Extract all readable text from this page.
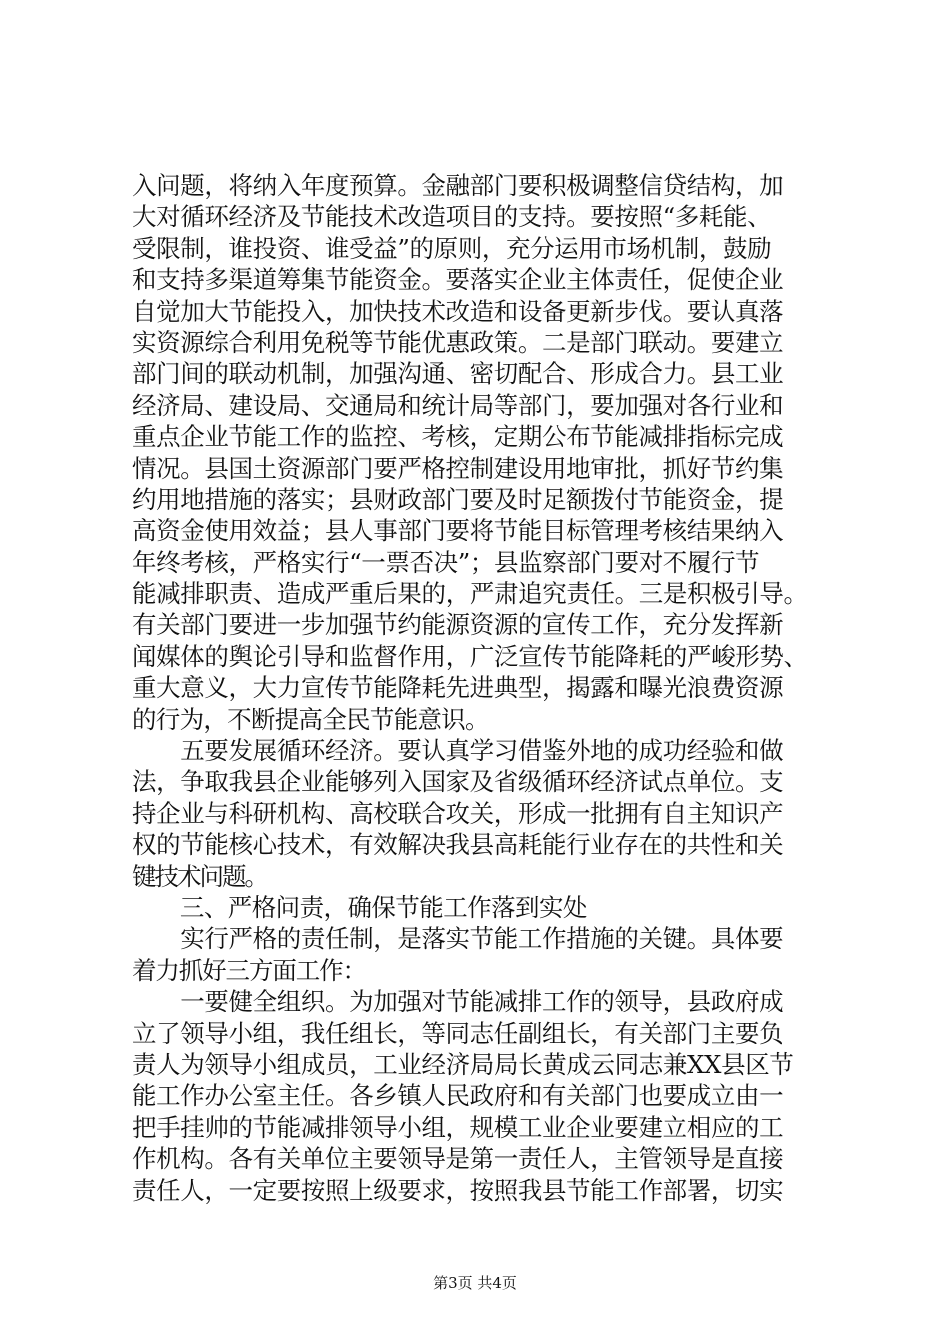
入问题，将纳入年度预算。金融部门要积极调整信贷结构，加
大对循环经济及节能技术改造项目的支持。要按照“多耗能、
受限制，谁投资、谁受益”的原则，充分运用市场机制，鼓励
和支持多渠道筹集节能资金。要落实企业主体责任，促使企业
自觉加大节能投入，加快技术改造和设备更新步伐。要认真落
实资源综合利用免税等节能优惠政策。二是部门联动。要建立
部门间的联动机制，加强沟通、密切配合、形成合力。县工业
经济局、建设局、交通局和统计局等部门，要加强对各行业和
重点企业节能工作的监控、考核，定期公布节能减排指标完成
情况。县国土资源部门要严格控制建设用地审批，抓好节约集
约用地措施的落实；县财政部门要及时足额拨付节能资金，提
高资金使用效益；县人事部门要将节能目标管理考核结果纳入
年终考核，严格实行“一票否决”；县监察部门要对不履行节
能减排职责、造成严重后果的，严肃追究责任。三是积极引导。
有关部门要进一步加强节约能源资源的宣传工作，充分发挥新
闻媒体的舆论引导和监督作用，广泛宣传节能降耗的严峻形势、
重大意义，大力宣传节能降耗先进典型，揭露和曝光浪费资源
的行为，不断提高全民节能意识。
　　五要发展循环经济。要认真学习借鉴外地的成功经验和做
法，争取我县企业能够列入国家及省级循环经济试点单位。支
持企业与科研机构、高校联合攻关，形成一批拥有自主知识产
权的节能核心技术，有效解决我县高耗能行业存在的共性和关
键技术问题。
　　三、严格问责，确保节能工作落到实处
　　实行严格的责任制，是落实节能工作措施的关键。具体要
着力抓好三方面工作：
　　一要健全组织。为加强对节能减排工作的领导，县政府成
立了领导小组，我任组长，等同志任副组长，有关部门主要负
责人为领导小组成员，工业经济局局长黄成云同志兼XX县区节
能工作办公室主任。各乡镇人民政府和有关部门也要成立由一
把手挂帅的节能减排领导小组，规模工业企业要建立相应的工
作机构。各有关单位主要领导是第一责任人，主管领导是直接
责任人，一定要按照上级要求，按照我县节能工作部署，切实
第3页 共4页
